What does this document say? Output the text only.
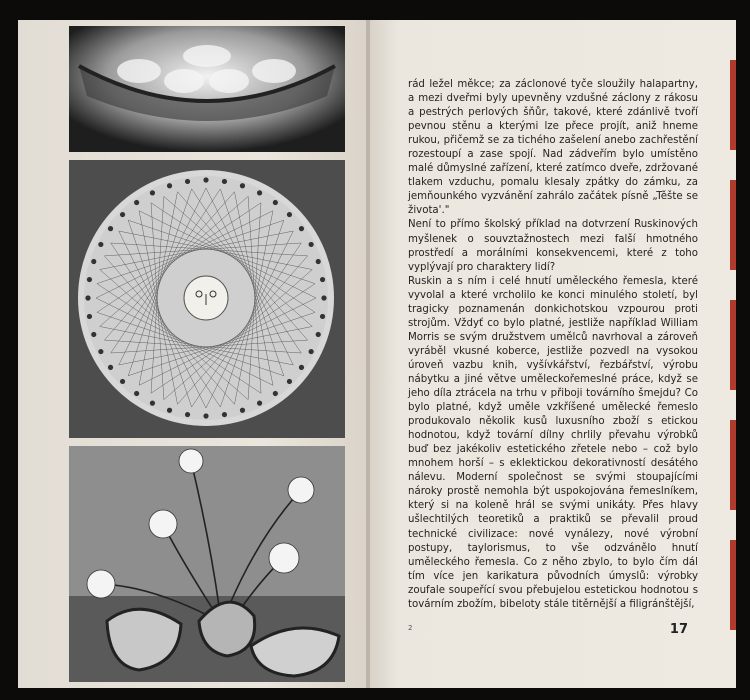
rád ležel měkce; za záclonové tyče sloužily halapartny, a mezi dveřmi byly upevněny vzdušné záclony z rákosu a pestrých perlových šňůr, takové, které zdánlivě tvoří pevnou stěnu a kterými lze přece projít, aniž hneme rukou, přičemž se za tichého zašelení anebo zachřestění rozestoupí a zase spojí. Nad zádveřím bylo umístěno malé důmyslné zařízení, které zatímco dveře, zdržované tlakem vzduchu, pomalu klesaly zpátky do zámku, za jemňounkého vyzvánění zahrálo začátek písně „Těšte se životа'."

Není to přímo školský příklad na dotvrzení Ruskinových myšlenek o souvztažnostech mezi falší hmotného prostředí a morálními konsekvencemi, které z toho vyplývají pro charaktery lidí?

Ruskin a s ním i celé hnutí uměleckého řemesla, které vyvolal a které vrcholilo ke konci minulého století, byl tragicky poznamenán donkichotskou vzpourou proti strojům. Vždyť co bylo platné, jestliže například William Morris se svým družstvem umělců navrhoval a zároveň vyráběl vkusné koberce, jestliže pozvedl na vysokou úroveň vazbu knih, vyšívkářství, řezbářství, výrobu nábytku a jiné větve uměleckořemeslné práce, když se jeho díla ztrácela na trhu v přiboji továrního šmejdu? Co bylo platné, když uměle vzkříšené umělecké řemeslo produkovalo několik kusů luxusního zboží s etickou hodnotou, když tovární dílny chrlily převahu výrobků buď bez jakékoliv estetického zřetele nebo – což bylo mnohem horší – s eklektickou dekorativností desátého nálevu. Moderní společnost se svými stoupajícími nároky prostě nemohla být uspokojována řemeslníkem, který si na koleně hrál se svými unikáty. Přes hlavy ušlechtilých teoretiků a praktiků se převalil proud technické civilizace: nové vynálezy, nové výrobní postupy, taylorismus, to vše odzvánělo hnutí uměleckého řemesla. Co z něho zbylo, to bylo čím dál tím více jen karikatura původních úmyslů: výrobky zoufale soupeřící svou přebujelou estetickou hodnotou s továrním zbožím, bibeloty stále titěrnější a filigránštější,

2	17
